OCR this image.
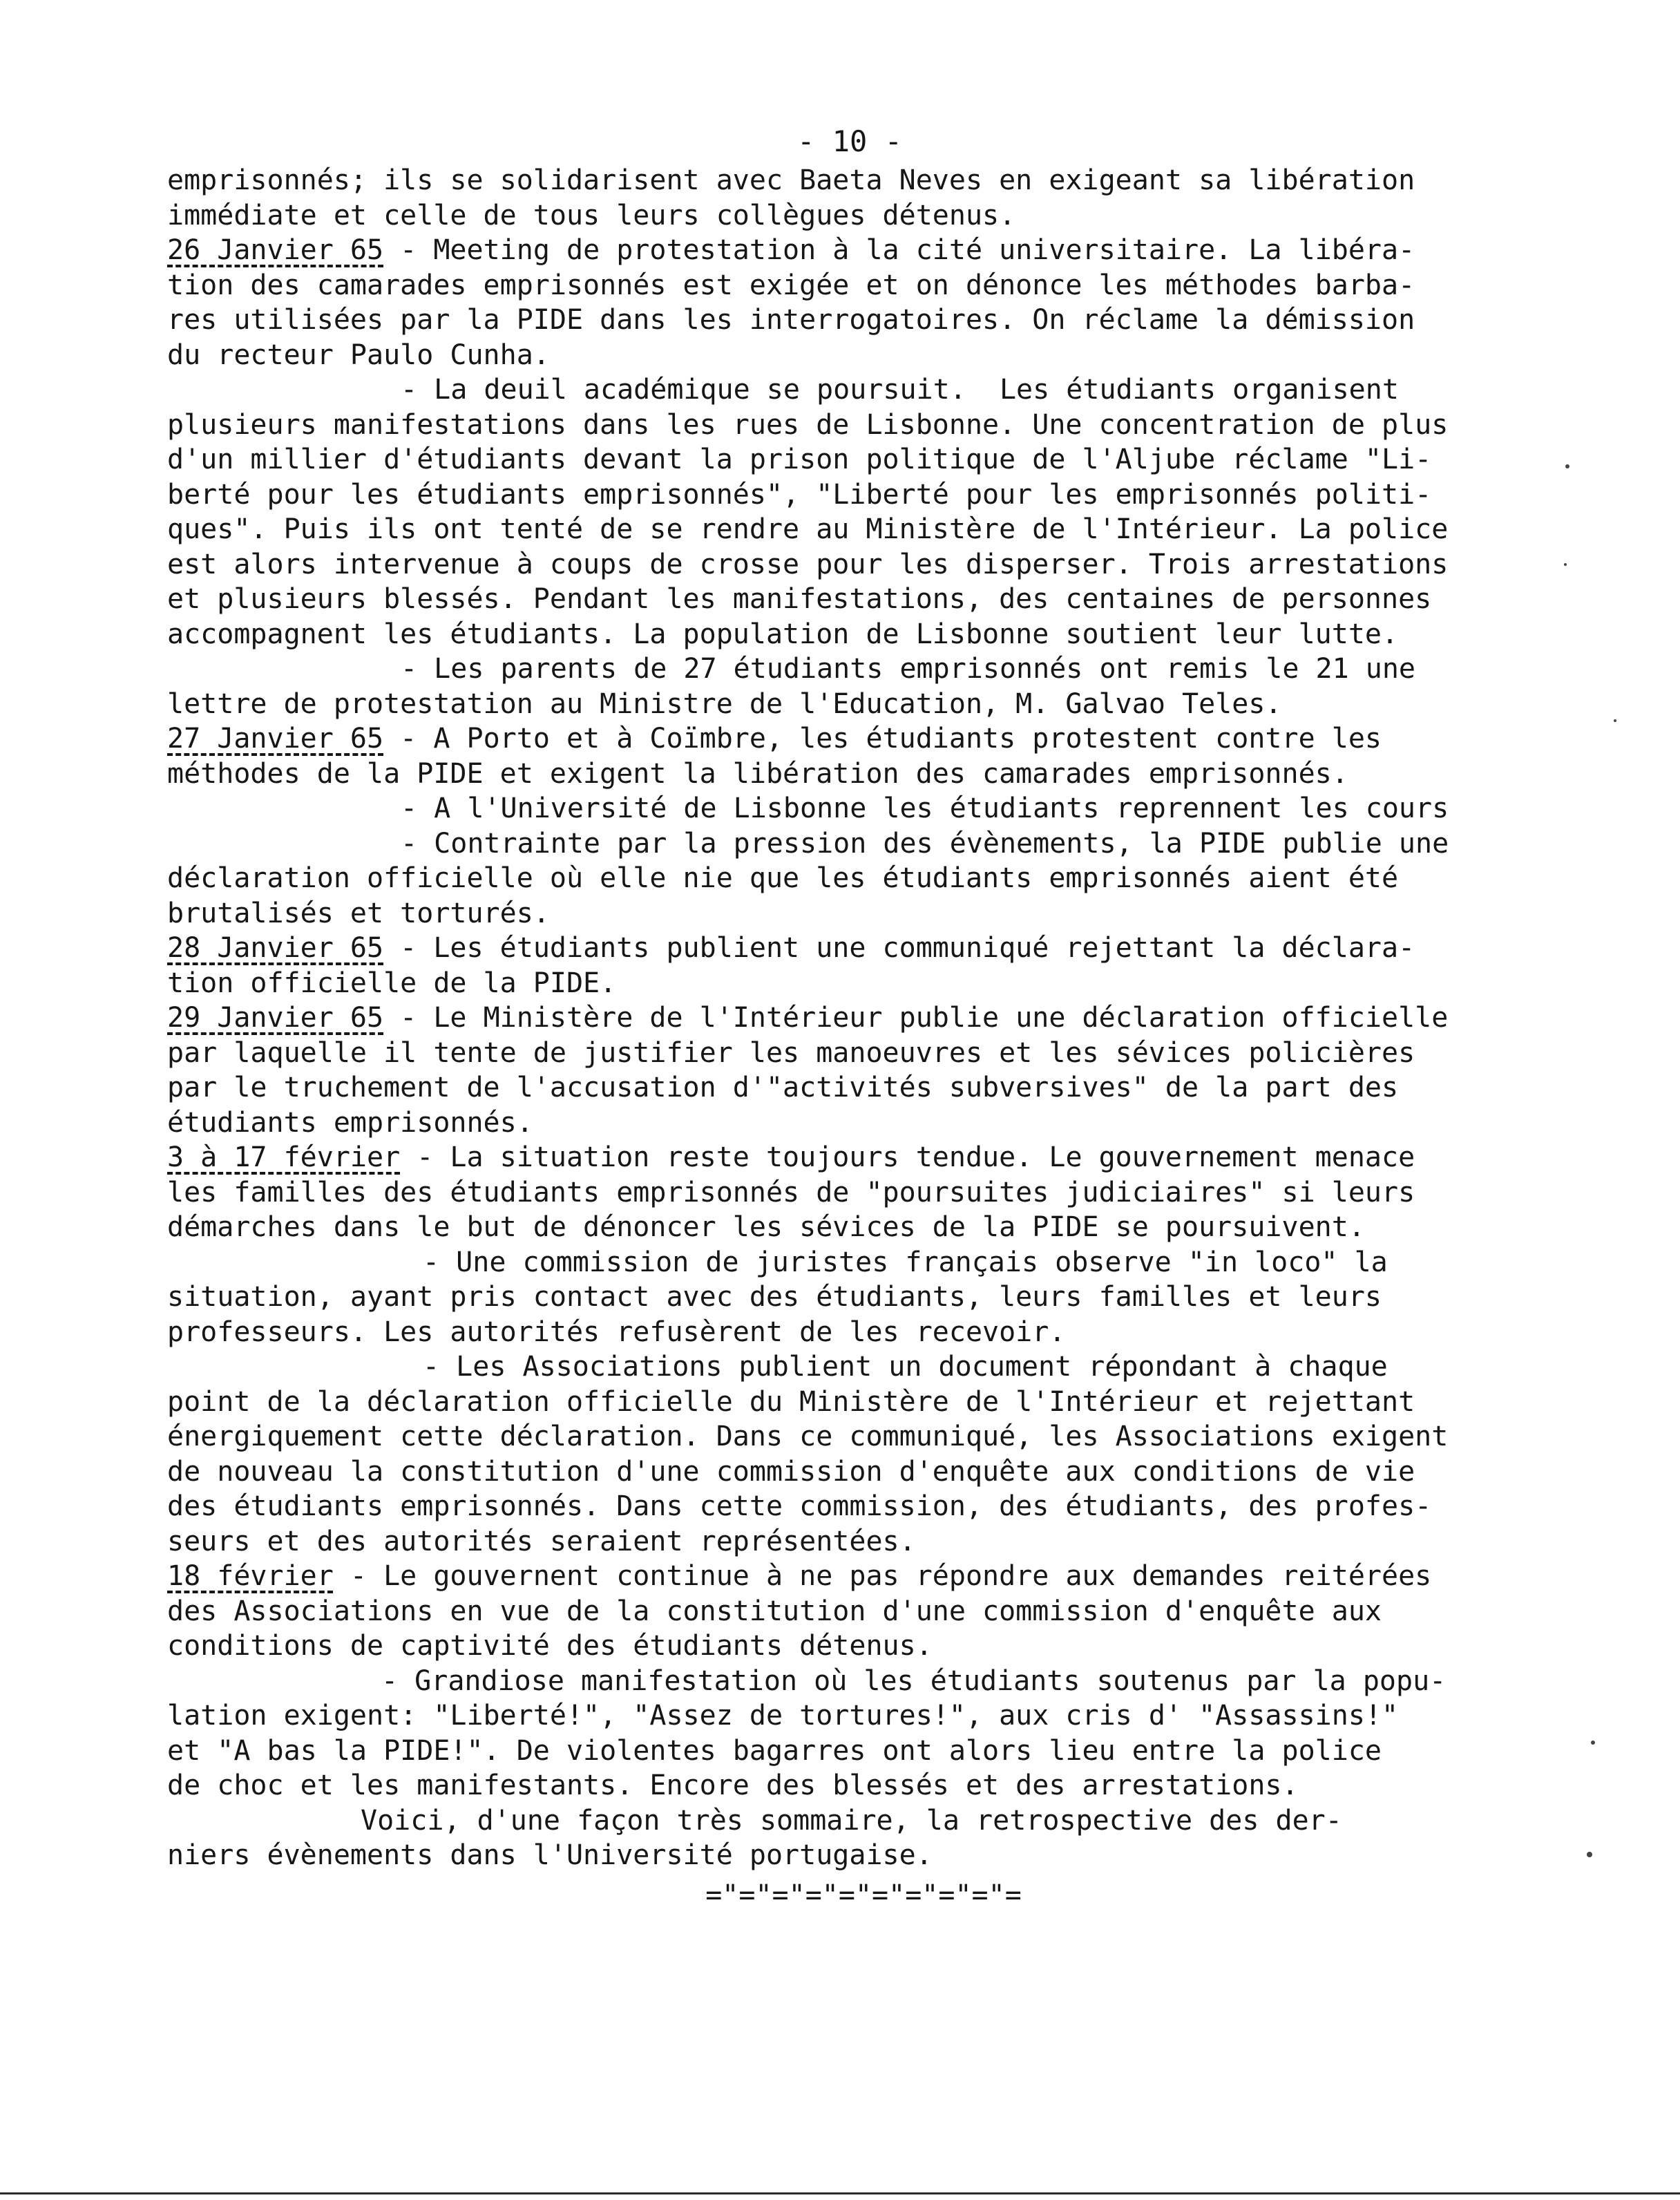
- 10 -
emprisonnés; ils se solidarisent avec Baeta Neves en exigeant sa libération
immédiate et celle de tous leurs collègues détenus.
26 Janvier 65 - Meeting de protestation à la cité universitaire. La libéra-
tion des camarades emprisonnés est exigée et on dénonce les méthodes barba-
res utilisées par la PIDE dans les interrogatoires. On réclame la démission
du recteur Paulo Cunha.
- La deuil académique se poursuit.  Les étudiants organisent
plusieurs manifestations dans les rues de Lisbonne. Une concentration de plus
d'un millier d'étudiants devant la prison politique de l'Aljube réclame "Li-
berté pour les étudiants emprisonnés", "Liberté pour les emprisonnés politi-
ques". Puis ils ont tenté de se rendre au Ministère de l'Intérieur. La police
est alors intervenue à coups de crosse pour les disperser. Trois arrestations
et plusieurs blessés. Pendant les manifestations, des centaines de personnes
accompagnent les étudiants. La population de Lisbonne soutient leur lutte.
- Les parents de 27 étudiants emprisonnés ont remis le 21 une
lettre de protestation au Ministre de l'Education, M. Galvao Teles.
27 Janvier 65 - A Porto et à Coïmbre, les étudiants protestent contre les
méthodes de la PIDE et exigent la libération des camarades emprisonnés.
- A l'Université de Lisbonne les étudiants reprennent les cours
- Contrainte par la pression des évènements, la PIDE publie une
déclaration officielle où elle nie que les étudiants emprisonnés aient été
brutalisés et torturés.
28 Janvier 65 - Les étudiants publient une communiqué rejettant la déclara-
tion officielle de la PIDE.
29 Janvier 65 - Le Ministère de l'Intérieur publie une déclaration officielle
par laquelle il tente de justifier les manoeuvres et les sévices policières
par le truchement de l'accusation d'"activités subversives" de la part des
étudiants emprisonnés.
3 à 17 février - La situation reste toujours tendue. Le gouvernement menace
les familles des étudiants emprisonnés de "poursuites judiciaires" si leurs
démarches dans le but de dénoncer les sévices de la PIDE se poursuivent.
- Une commission de juristes français observe "in loco" la
situation, ayant pris contact avec des étudiants, leurs familles et leurs
professeurs. Les autorités refusèrent de les recevoir.
- Les Associations publient un document répondant à chaque
point de la déclaration officielle du Ministère de l'Intérieur et rejettant
énergiquement cette déclaration. Dans ce communiqué, les Associations exigent
de nouveau la constitution d'une commission d'enquête aux conditions de vie
des étudiants emprisonnés. Dans cette commission, des étudiants, des profes-
seurs et des autorités seraient représentées.
18 février - Le gouvernent continue à ne pas répondre aux demandes reitérées
des Associations en vue de la constitution d'une commission d'enquête aux
conditions de captivité des étudiants détenus.
- Grandiose manifestation où les étudiants soutenus par la popu-
lation exigent: "Liberté!", "Assez de tortures!", aux cris d' "Assassins!"
et "A bas la PIDE!". De violentes bagarres ont alors lieu entre la police
de choc et les manifestants. Encore des blessés et des arrestations.
Voici, d'une façon très sommaire, la retrospective des der-
niers évènements dans l'Université portugaise.
="="="="="="="="="=
